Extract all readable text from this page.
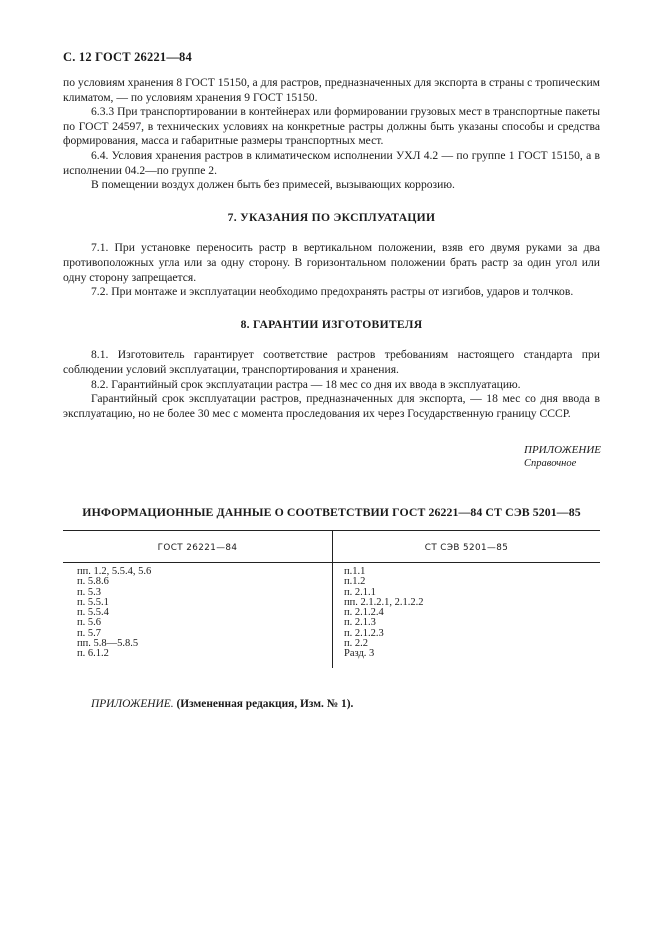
С. 12 ГОСТ 26221—84

по условиям хранения 8 ГОСТ 15150, а для растров, предназначенных для экспорта в страны с тропическим климатом, — по условиям хранения 9 ГОСТ 15150.

6.3.3 При транспортировании в контейнерах или формировании грузовых мест в транспортные пакеты по ГОСТ 24597, в технических условиях на конкретные растры должны быть указаны способы и средства формирования, масса и габаритные размеры транспортных мест.

6.4. Условия хранения растров в климатическом исполнении УХЛ 4.2 — по группе 1 ГОСТ 15150, а в исполнении 04.2—по группе 2.

В помещении воздух должен быть без примесей, вызывающих коррозию.

7. УКАЗАНИЯ ПО ЭКСПЛУАТАЦИИ

7.1. При установке переносить растр в вертикальном положении, взяв его двумя руками за два противоположных угла или за одну сторону. В горизонтальном положении брать растр за один угол или одну сторону запрещается.

7.2. При монтаже и эксплуатации необходимо предохранять растры от изгибов, ударов и толчков.

8. ГАРАНТИИ ИЗГОТОВИТЕЛЯ

8.1. Изготовитель гарантирует соответствие растров требованиям настоящего стандарта при соблюдении условий эксплуатации, транспортирования и хранения.

8.2. Гарантийный срок эксплуатации растра — 18 мес со дня их ввода в эксплуатацию.

Гарантийный срок эксплуатации растров, предназначенных для экспорта, — 18 мес со дня ввода в эксплуатацию, но не более 30 мес с момента проследования их через Государственную границу СССР.

ПРИЛОЖЕНИЕ
Справочное
ИНФОРМАЦИОННЫЕ ДАННЫЕ О СООТВЕТСТВИИ ГОСТ 26221—84 СТ СЭВ 5201—85
ГОСТ 26221—84	СТ СЭВ 5201—85
пп. 1.2, 5.5.4, 5.6
п. 5.8.6
п. 5.3
п. 5.5.1
п. 5.5.4
п. 5.6
п. 5.7
пп. 5.8—5.8.5
п. 6.1.2
п.1.1
п.1.2
п. 2.1.1
пп. 2.1.2.1, 2.1.2.2
п. 2.1.2.4
п. 2.1.3
п. 2.1.2.3
п. 2.2
Разд. 3
ПРИЛОЖЕНИЕ. (Измененная редакция, Изм. № 1).
